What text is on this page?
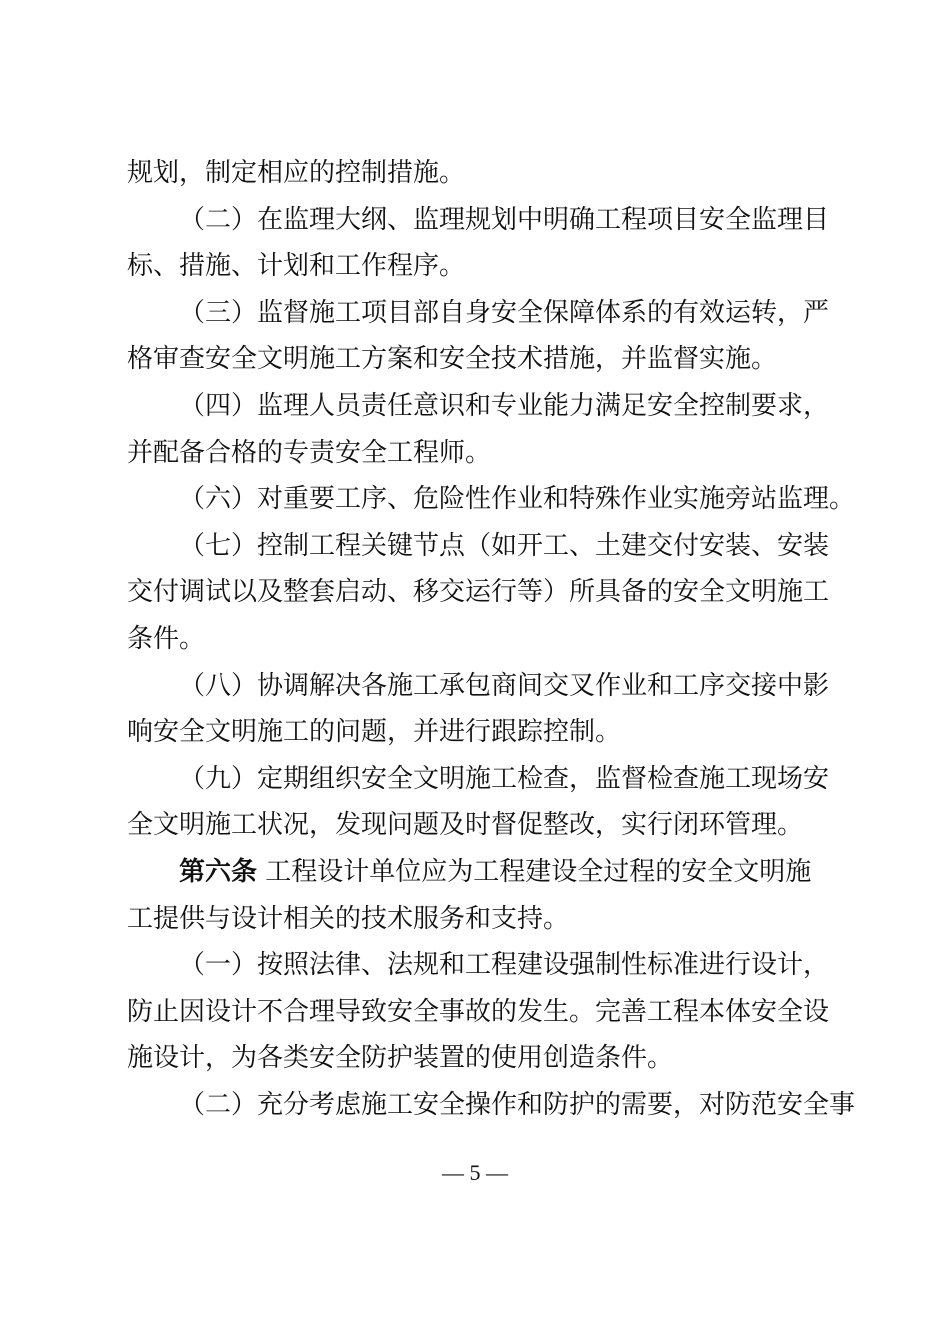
规划，制定相应的控制措施。
（二）在监理大纲、监理规划中明确工程项目安全监理目
标、措施、计划和工作程序。
（三）监督施工项目部自身安全保障体系的有效运转，严
格审查安全文明施工方案和安全技术措施，并监督实施。
（四）监理人员责任意识和专业能力满足安全控制要求，
并配备合格的专责安全工程师。
（六）对重要工序、危险性作业和特殊作业实施旁站监理。
（七）控制工程关键节点（如开工、土建交付安装、安装
交付调试以及整套启动、移交运行等）所具备的安全文明施工
条件。
（八）协调解决各施工承包商间交叉作业和工序交接中影
响安全文明施工的问题，并进行跟踪控制。
（九）定期组织安全文明施工检查，监督检查施工现场安
全文明施工状况，发现问题及时督促整改，实行闭环管理。
第六条 工程设计单位应为工程建设全过程的安全文明施
工提供与设计相关的技术服务和支持。
（一）按照法律、法规和工程建设强制性标准进行设计，
防止因设计不合理导致安全事故的发生。完善工程本体安全设
施设计，为各类安全防护装置的使用创造条件。
（二）充分考虑施工安全操作和防护的需要，对防范安全事
— 5 —
